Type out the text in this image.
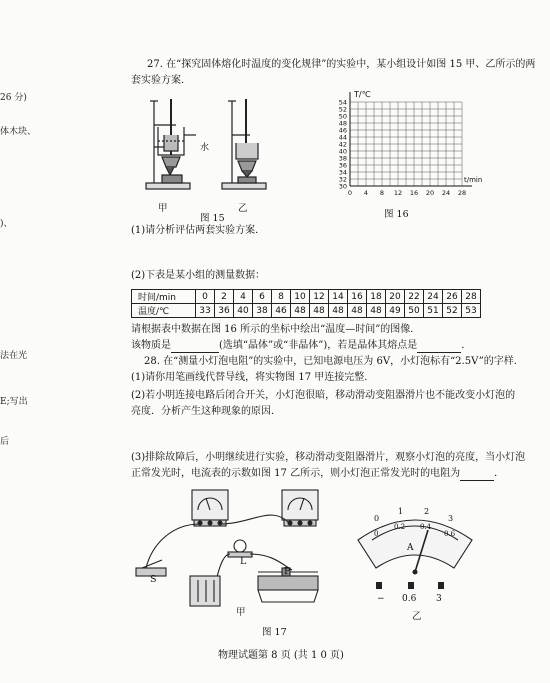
26 分)
体木块、
)、
法在光
E;写出
后
27. 在“探究固体熔化时温度的变化规律”的实验中，某小组设计如图 15 甲、乙所示的两
套实验方案．
甲	乙
水
图 15
30
32
34
36
38
40
42
44
46
48
50
52
54
0 4 8 12 16 20 24 28
T/℃
t/min
图 16
(1)请分析评估两套实验方案．
(2)下表是某小组的测量数据：
时间/min	0	2	4	6	8	10	12	14	16	18	20	22	24	26	28
温度/℃	33	36	40	38	46	48	48	48	48	48	49	50	51	52	53
请根据表中数据在图 16 所示的坐标中绘出“温度—时间”的图像．
该物质是	(选填“晶体”或“非晶体”)，若是晶体其熔点是	．
28. 在“测量小灯泡电阻”的实验中，已知电源电压为 6V，小灯泡标有“2.5V”的字样．
(1)请你用笔画线代替导线，将实物图 17 甲连接完整．
(2)若小明连接电路后闭合开关，小灯泡很暗，移动滑动变阻器滑片也不能改变小灯泡的
亮度．分析产生这种现象的原因．
(3)排除故障后，小明继续进行实验，移动滑动变阻器滑片，观察小灯泡的亮度，当小灯泡
正常发光时，电流表的示数如图 17 乙所示，则小灯泡正常发光时的电阻为	．
L
S
P
甲
0
1	2
3
0
0.2 0.4
0.6
A
− 0.6 3
乙
图 17
物理试题第 8 页 (共 1 0 页)
